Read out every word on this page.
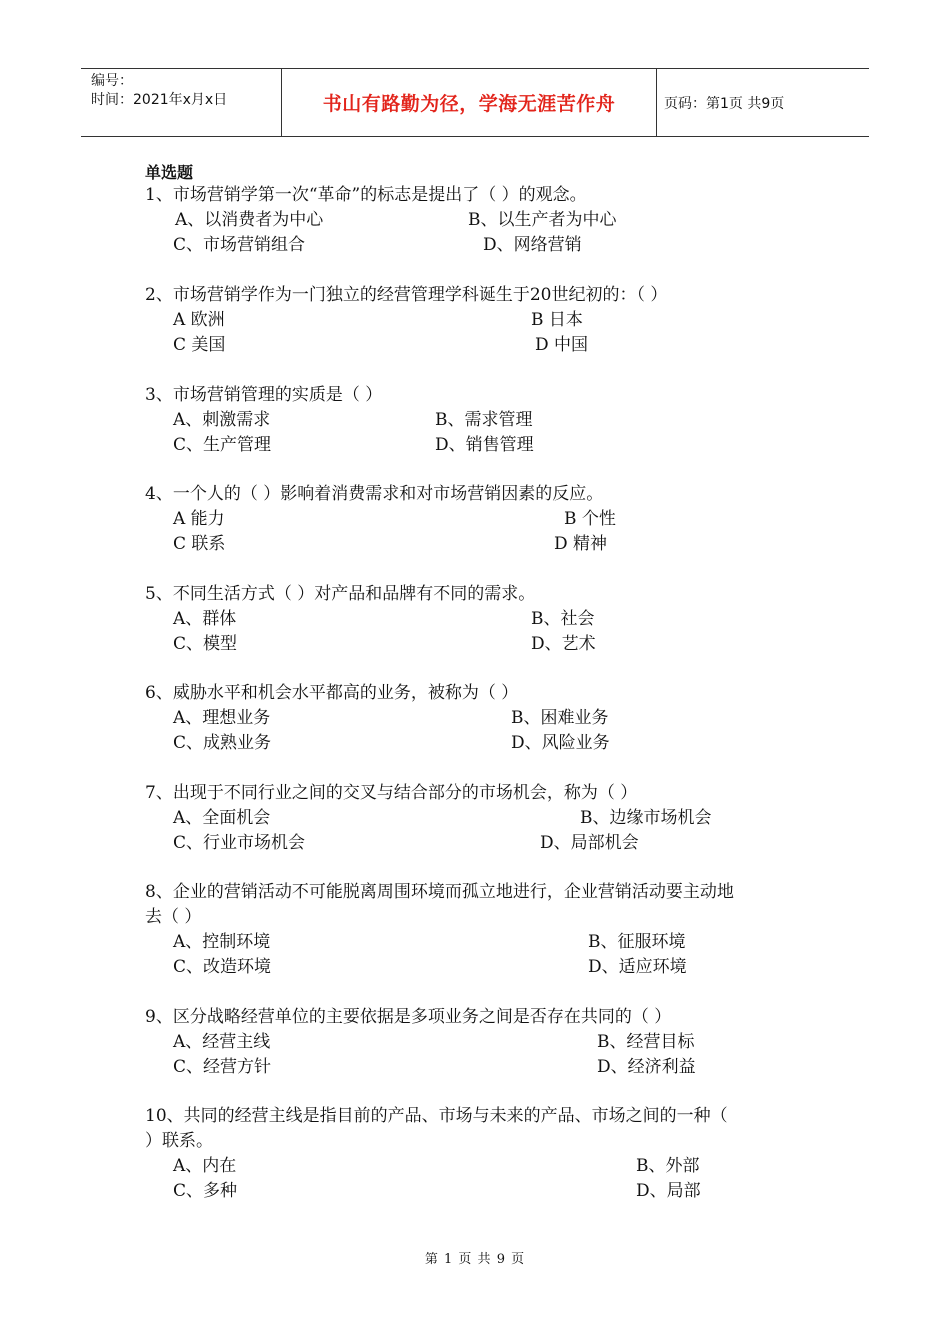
编号：
时间：2021年x月x日	书山有路勤为径，学海无涯苦作舟	页码：第1页 共9页
单选题
1、市场营销学第一次“革命”的标志是提出了（ ）的观念。
A、以消费者为中心	B、以生产者为中心
C、市场营销组合	D、网络营销
2、市场营销学作为一门独立的经营管理学科诞生于20世纪初的：（ ）
A 欧洲	B 日本
C 美国	D 中国
3、市场营销管理的实质是（ ）
A、刺激需求	B、需求管理
C、生产管理	D、销售管理
4、一个人的（ ）影响着消费需求和对市场营销因素的反应。
A 能力	B 个性
C 联系	D 精神
5、不同生活方式（ ）对产品和品牌有不同的需求。
A、群体	B、社会
C、模型	D、艺术
6、威胁水平和机会水平都高的业务，被称为（ ）
A、理想业务	B、困难业务
C、成熟业务	D、风险业务
7、出现于不同行业之间的交叉与结合部分的市场机会，称为（ ）
A、全面机会	B、边缘市场机会
C、行业市场机会	D、局部机会
8、企业的营销活动不可能脱离周围环境而孤立地进行，企业营销活动要主动地
去（ ）
A、控制环境	B、征服环境
C、改造环境	D、适应环境
9、区分战略经营单位的主要依据是多项业务之间是否存在共同的（ ）
A、经营主线	B、经营目标
C、经营方针	D、经济利益
10、共同的经营主线是指目前的产品、市场与未来的产品、市场之间的一种（
）联系。
A、内在	B、外部
C、多种	D、局部
第 1 页 共 9 页
